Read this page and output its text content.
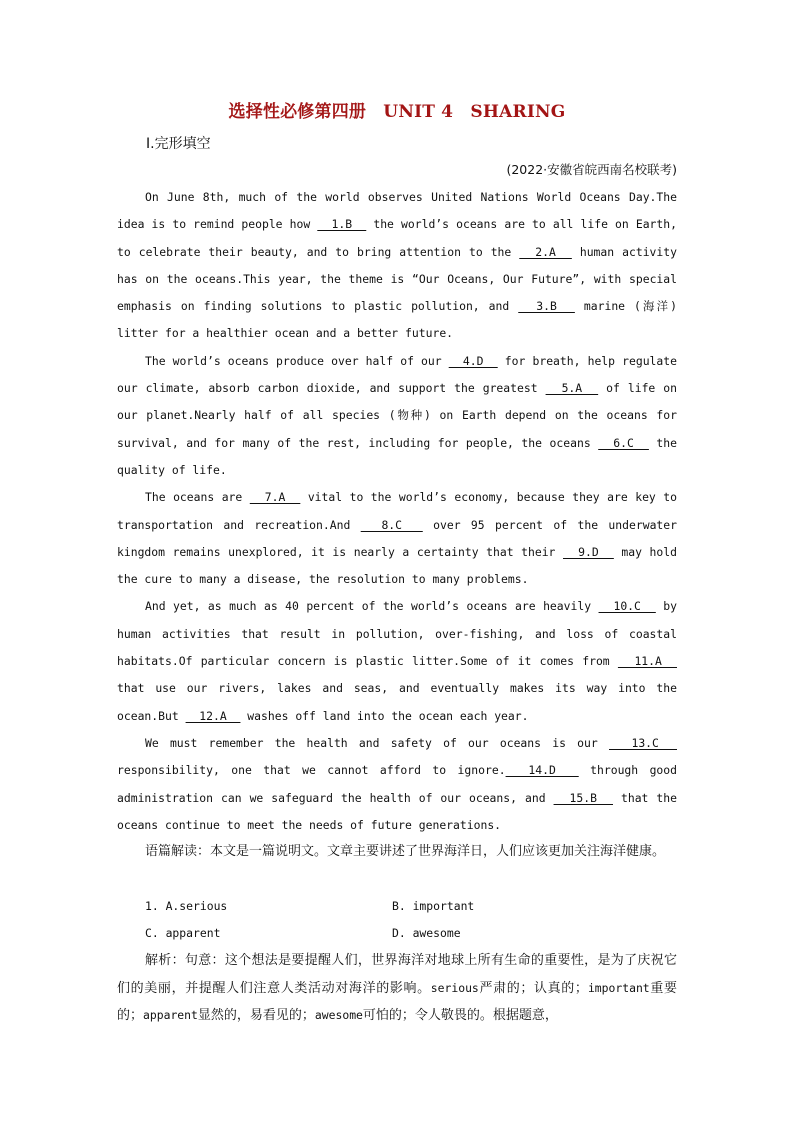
选择性必修第四册　UNIT 4　SHARING
Ⅰ.完形填空
(2022·安徽省皖西南名校联考)

On June 8th, much of the world observes United Nations World Oceans Day.The idea is to remind people how   1.B   the world’s oceans are to all life on Earth, to celebrate their beauty, and to bring attention to the   2.A   human activity has on the oceans.This year, the theme is “Our Oceans, Our Future”, with special emphasis on finding solutions to plastic pollution, and   3.B   marine (海洋) litter for a healthier ocean and a better future.

The world’s oceans produce over half of our   4.D   for breath, help regulate our climate, absorb carbon dioxide, and support the greatest   5.A   of life on our planet.Nearly half of all species (物种) on Earth depend on the oceans for survival, and for many of the rest, including for people, the oceans   6.C   the quality of life.

The oceans are   7.A   vital to the world’s economy, because they are key to transportation and recreation.And   8.C   over 95 percent of the underwater kingdom remains unexplored, it is nearly a certainty that their   9.D   may hold the cure to many a disease, the resolution to many problems.

And yet, as much as 40 percent of the world’s oceans are heavily   10.C   by human activities that result in pollution, over-fishing, and loss of coastal habitats.Of particular concern is plastic litter.Some of it comes from   11.A   that use our rivers, lakes and seas, and eventually makes its way into the ocean.But   12.A   washes off land into the ocean each year.

We must remember the health and safety of our oceans is our   13.C   responsibility, one that we cannot afford to ignore.  14.D   through good administration can we safeguard the health of our oceans, and   15.B   that the oceans continue to meet the needs of future generations.

语篇解读：本文是一篇说明文。文章主要讲述了世界海洋日，人们应该更加关注海洋健康。

1. A.serious	B. important
C. apparent	D. awesome

解析：句意：这个想法是要提醒人们，世界海洋对地球上所有生命的重要性，是为了庆祝它们的美丽，并提醒人们注意人类活动对海洋的影响。serious严肃的；认真的；important重要的；apparent显然的，易看见的；awesome可怕的；令人敬畏的。根据题意，
